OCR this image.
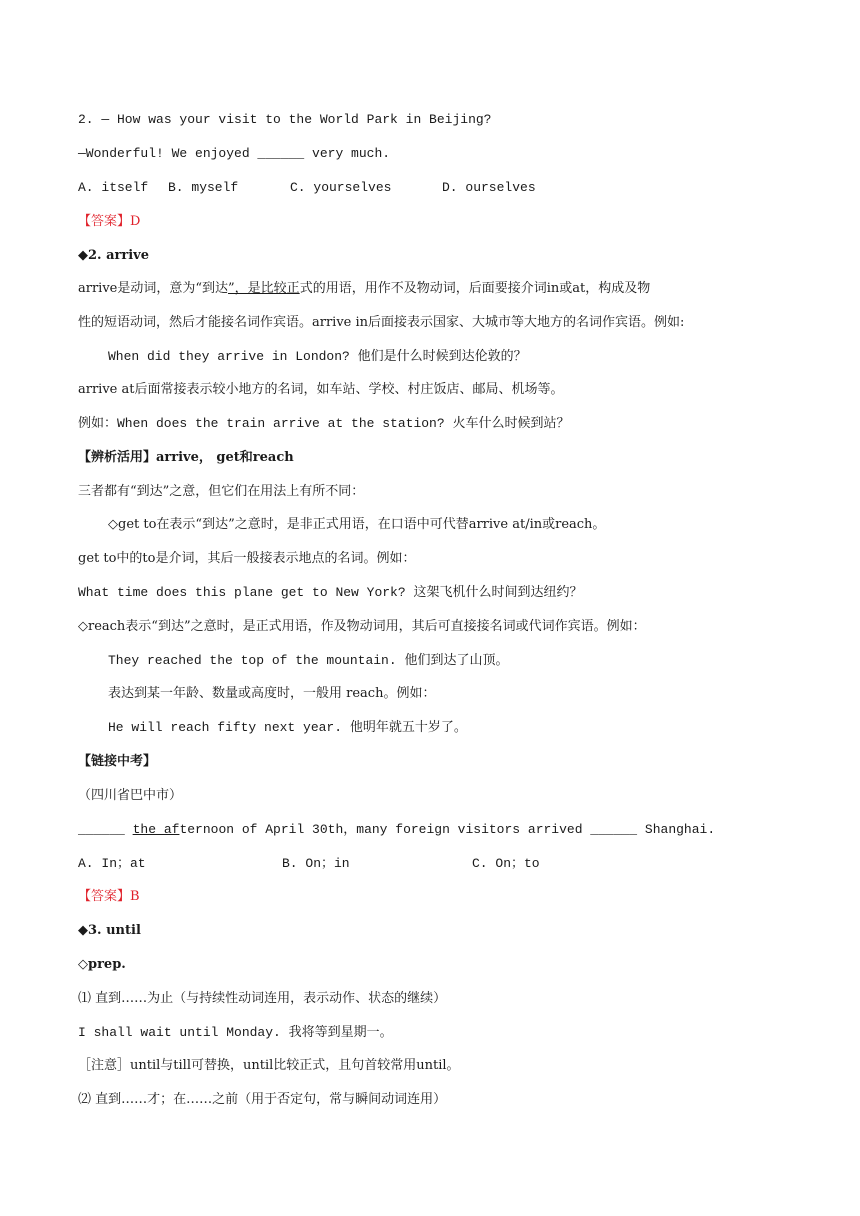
2. — How was your visit to the World Park in Beijing?
—Wonderful! We enjoyed ______ very much.
A. itself B. myself	C. yourselves	D. ourselves
【答案】D
◆2. arrive
arrive是动词，意为“到达”，是比较正式的用语，用作不及物动词，后面要接介词in或at，构成及物
性的短语动词，然后才能接名词作宾语。arrive in后面接表示国家、大城市等大地方的名词作宾语。例如:
When did they arrive in London? 他们是什么时候到达伦敦的？
arrive at后面常接表示较小地方的名词，如车站、学校、村庄饭店、邮局、机场等。
例如：When does the train arrive at the station? 火车什么时候到站？
【辨析活用】arrive， get和reach
三者都有“到达”之意，但它们在用法上有所不同：
◇get to在表示“到达”之意时，是非正式用语，在口语中可代替arrive at/in或reach。
get to中的to是介词，其后一般接表示地点的名词。例如：
What time does this plane get to New York? 这架飞机什么时间到达纽约？
◇reach表示“到达”之意时，是正式用语，作及物动词用，其后可直接接名词或代词作宾语。例如：
They reached the top of the mountain. 他们到达了山顶。
表达到某一年龄、数量或高度时，一般用 reach。例如：
He will reach fifty next year. 他明年就五十岁了。
【链接中考】
（四川省巴中市）
______ the afternoon of April 30th，many foreign visitors arrived ______ Shanghai.
A. In；at	B. On；in	C. On；to
【答案】B
◆3. until
◇prep.
⑴ 直到……为止（与持续性动词连用，表示动作、状态的继续）
I shall wait until Monday. 我将等到星期一。
［注意］until与till可替换，until比较正式，且句首较常用until。
⑵ 直到……才；在……之前（用于否定句，常与瞬间动词连用）
